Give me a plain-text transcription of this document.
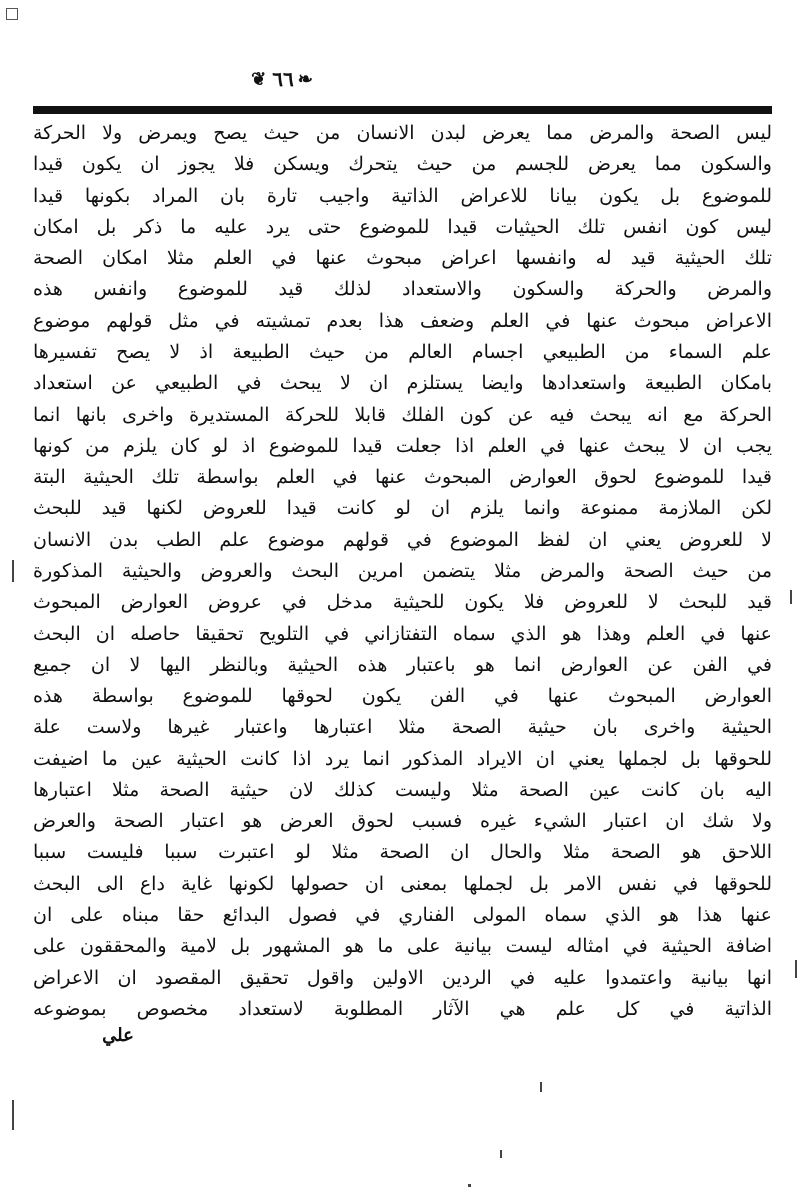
❧
٦٦
❦
ليس الصحة والمرض مما يعرض لبدن الانسان من حيث يصح ويمرض ولا الحركة
والسكون مما يعرض للجسم من حيث يتحرك ويسكن فلا يجوز ان يكون قيدا
للموضوع بل يكون بيانا للاعراض الذاتية واجيب تارة بان المراد بكونها قيدا
ليس كون انفس تلك الحيثيات قيدا للموضوع حتى يرد عليه ما ذكر بل امكان
تلك الحيثية قيد له وانفسها اعراض مبحوث عنها في العلم مثلا امكان الصحة
والمرض والحركة والسكون والاستعداد لذلك قيد للموضوع وانفس هذه
الاعراض مبحوث عنها في العلم وضعف هذا بعدم تمشيته في مثل قولهم موضوع
علم السماء من الطبيعي اجسام العالم من حيث الطبيعة اذ لا يصح تفسيرها
بامكان الطبيعة واستعدادها وايضا يستلزم ان لا يبحث في الطبيعي عن استعداد
الحركة مع انه يبحث فيه عن كون الفلك قابلا للحركة المستديرة واخرى بانها انما
يجب ان لا يبحث عنها في العلم اذا جعلت قيدا للموضوع اذ لو كان يلزم من كونها
قيدا للموضوع لحوق العوارض المبحوث عنها في العلم بواسطة تلك الحيثية البتة
لكن الملازمة ممنوعة وانما يلزم ان لو كانت قيدا للعروض لكنها قيد للبحث
لا للعروض يعني ان لفظ الموضوع في قولهم موضوع علم الطب بدن الانسان
من حيث الصحة والمرض مثلا يتضمن امرين البحث والعروض والحيثية المذكورة
قيد للبحث لا للعروض فلا يكون للحيثية مدخل في عروض العوارض المبحوث
عنها في العلم وهذا هو الذي سماه التفتازاني في التلويح تحقيقا حاصله ان البحث
في الفن عن العوارض انما هو باعتبار هذه الحيثية وبالنظر اليها لا ان جميع
العوارض المبحوث عنها في الفن يكون لحوقها للموضوع بواسطة هذه
الحيثية واخرى بان حيثية الصحة مثلا اعتبارها واعتبار غيرها ولاست علة
للحوقها بل لجملها يعني ان الايراد المذكور انما يرد اذا كانت الحيثية عين ما اضيفت
اليه بان كانت عين الصحة مثلا وليست كذلك لان حيثية الصحة مثلا اعتبارها
ولا شك ان اعتبار الشيء غيره فسبب لحوق العرض هو اعتبار الصحة والعرض
اللاحق هو الصحة مثلا والحال ان الصحة مثلا لو اعتبرت سببا فليست سببا
للحوقها في نفس الامر بل لجملها بمعنى ان حصولها لكونها غاية داع الى البحث
عنها هذا هو الذي سماه المولى الفناري في فصول البدائع حقا مبناه على ان
اضافة الحيثية في امثاله ليست بيانية على ما هو المشهور بل لامية والمحققون على
انها بيانية واعتمدوا عليه في الردين الاولين واقول تحقيق المقصود ان الاعراض
الذاتية في كل علم هي الآثار المطلوبة لاستعداد مخصوص بموضوعه
علي
